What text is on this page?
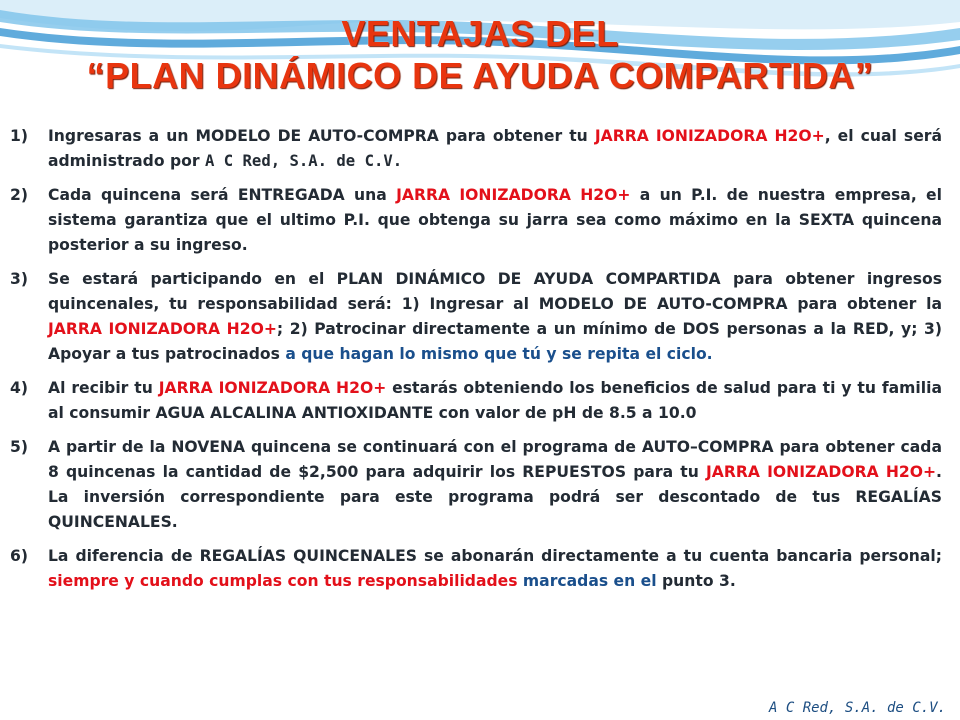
VENTAJAS DEL
“PLAN DINÁMICO DE AYUDA COMPARTIDA”
1) Ingresaras a un MODELO DE AUTO-COMPRA para obtener tu JARRA IONIZADORA H2O+, el cual será administrado por A C Red, S.A. de C.V.
2) Cada quincena será ENTREGADA una JARRA IONIZADORA H2O+ a un P.I. de nuestra empresa, el sistema garantiza que el ultimo P.I. que obtenga su jarra sea como máximo en la SEXTA quincena posterior a su ingreso.
3) Se estará participando en el PLAN DINÁMICO DE AYUDA COMPARTIDA para obtener ingresos quincenales, tu responsabilidad será: 1) Ingresar al MODELO DE AUTO-COMPRA para obtener la JARRA IONIZADORA H2O+; 2) Patrocinar directamente a un mínimo de DOS personas a la RED, y; 3) Apoyar a tus patrocinados a que hagan lo mismo que tú y se repita el ciclo.
4) Al recibir tu JARRA IONIZADORA H2O+ estarás obteniendo los beneficios de salud para ti y tu familia al consumir AGUA ALCALINA ANTIOXIDANTE con valor de pH de 8.5 a 10.0
5) A partir de la NOVENA quincena se continuará con el programa de AUTO–COMPRA para obtener cada 8 quincenas la cantidad de $2,500 para adquirir los REPUESTOS para tu JARRA IONIZADORA H2O+. La inversión correspondiente para este programa podrá ser descontado de tus REGALÍAS QUINCENALES.
6) La diferencia de REGALÍAS QUINCENALES se abonarán directamente a tu cuenta bancaria personal; siempre y cuando cumplas con tus responsabilidades marcadas en el punto 3.
A C Red, S.A. de C.V.
